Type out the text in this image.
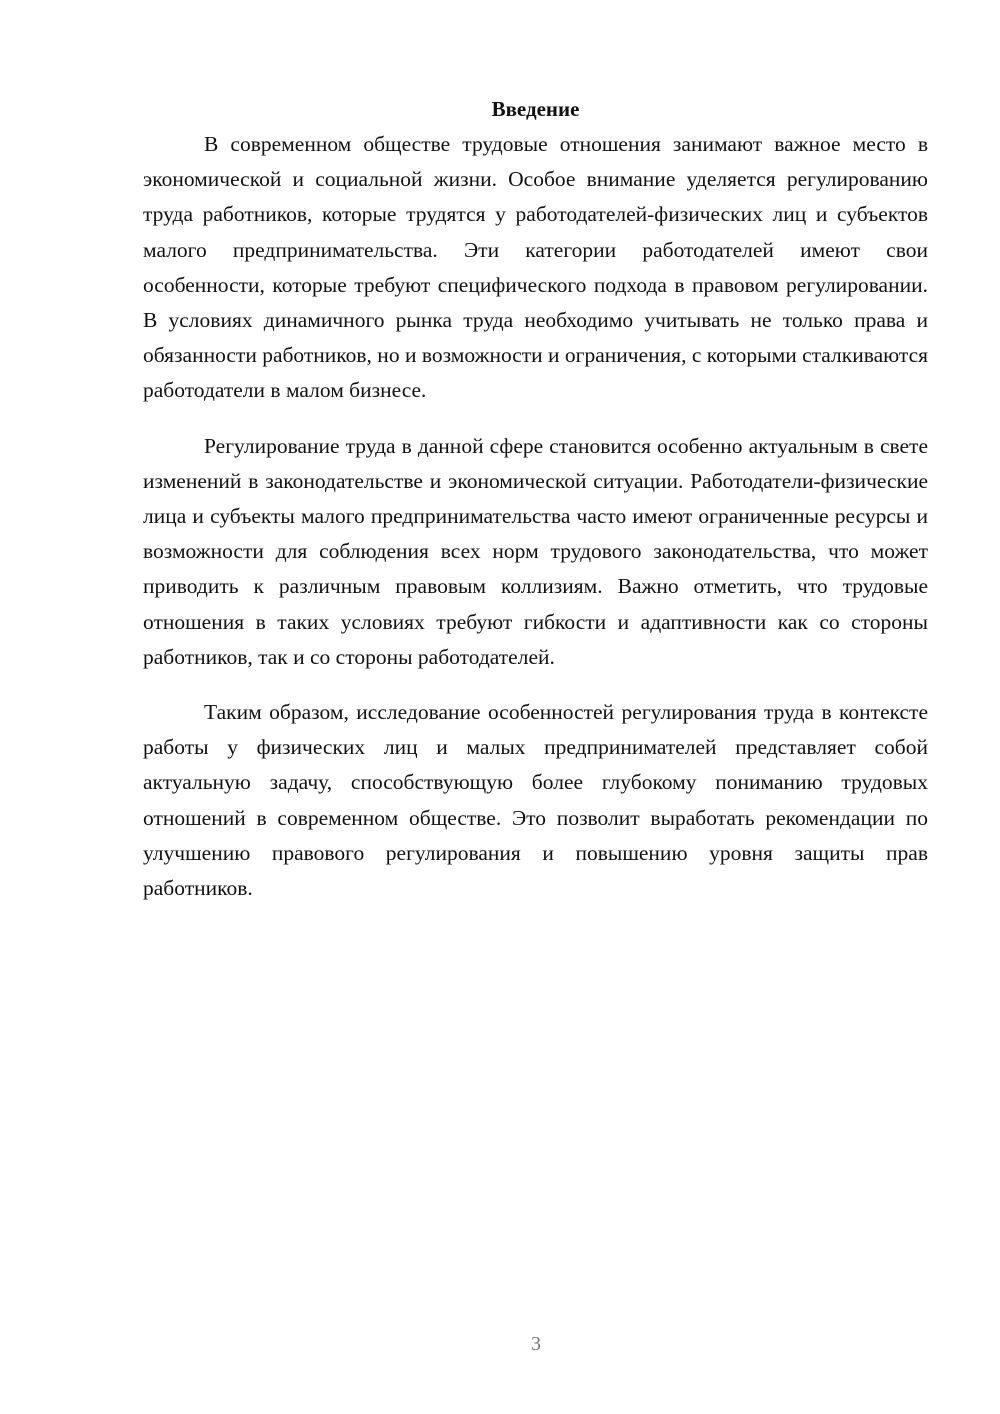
Введение

В современном обществе трудовые отношения занимают важное место в экономической и социальной жизни. Особое внимание уделяется регулированию труда работников, которые трудятся у работодателей-физических лиц и субъектов малого предпринимательства. Эти категории работодателей имеют свои особенности, которые требуют специфического подхода в правовом регулировании. В условиях динамичного рынка труда необходимо учитывать не только права и обязанности работников, но и возможности и ограничения, с которыми сталкиваются работодатели в малом бизнесе.

Регулирование труда в данной сфере становится особенно актуальным в свете изменений в законодательстве и экономической ситуации. Работодатели-физические лица и субъекты малого предпринимательства часто имеют ограниченные ресурсы и возможности для соблюдения всех норм трудового законодательства, что может приводить к различным правовым коллизиям. Важно отметить, что трудовые отношения в таких условиях требуют гибкости и адаптивности как со стороны работников, так и со стороны работодателей.

Таким образом, исследование особенностей регулирования труда в контексте работы у физических лиц и малых предпринимателей представляет собой актуальную задачу, способствующую более глубокому пониманию трудовых отношений в современном обществе. Это позволит выработать рекомендации по улучшению правового регулирования и повышению уровня защиты прав работников.

3
